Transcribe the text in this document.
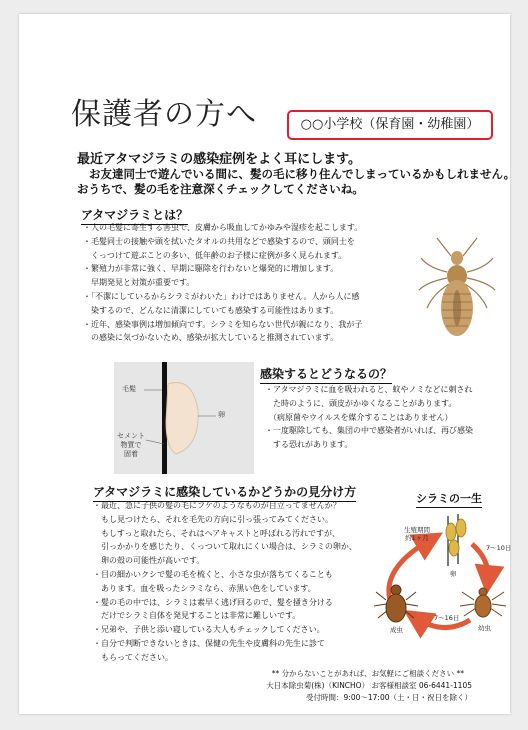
保護者の方へ	○○小学校（保育園・幼稚園）
最近アタマジラミの感染症例をよく耳にします。
お友達同士で遊んでいる間に、髪の毛に移り住んでしまっているかもしれません。
おうちで、髪の毛を注意深くチェックしてくださいね。
アタマジラミとは？
・人の毛髪に寄生する害虫で、皮膚から吸血してかゆみや湿疹を起こします。
・毛髪同士の接触や頭を拭いたタオルの共用などで感染するので、頭同士を
　くっつけて遊ぶことの多い、低年齢のお子様に症例が多く見られます。
・繁殖力が非常に強く、早期に駆除を行わないと爆発的に増加します。
　早期発見と対策が重要です。
・「不潔にしているからシラミがわいた」わけではありません。人から人に感
　染するので、どんなに清潔にしていても感染する可能性はあります。
・近年、感染事例は増加傾向です。シラミを知らない世代が親になり、我が子
　の感染に気づかないため、感染が拡大していると推測されています。
毛髪
卵
セメント
物質で
固着
感染するとどうなるの？
・アタマジラミに血を吸われると、蚊やノミなどに刺され
　た時のように、頭皮がかゆくなることがあります。
　（病原菌やウイルスを媒介することはありません）
・一度駆除しても、集団の中で感染者がいれば、再び感染
　する恐れがあります。
アタマジラミに感染しているかどうかの見分け方
・最近、急に子供の髪の毛にフケのようなものが目立ってませんか？
　もし見つけたら、それを毛先の方向に引っ張ってみてください。
　もしすっと取れたら、それはヘアキャストと呼ばれる汚れですが、
　引っかかりを感じたり、くっついて取れにくい場合は、シラミの卵か、
　卵の殻の可能性が高いです。
・目の細かいクシで髪の毛を梳くと、小さな虫が落ちてくることも
　あります。血を吸ったシラミなら、赤黒い色をしています。
・髪の毛の中では、シラミは素早く逃げ回るので、髪を掻き分ける
　だけでシラミ自体を発見することは非常に難しいです。
・兄弟や、子供と添い寝している大人もチェックしてください。
・自分で判断できないときは、保健の先生や皮膚科の先生に診て
　もらってください。
シラミの一生
生殖期間
約1ヶ月
卵
7〜10日
幼虫
7〜16日
成虫
** 分からないことがあれば、お気軽にご相談ください **
大日本除虫菊(株)（KINCHO） お客様相談室 06-6441-1105
受付時間：9:00〜17:00（土・日・祝日を除く）
